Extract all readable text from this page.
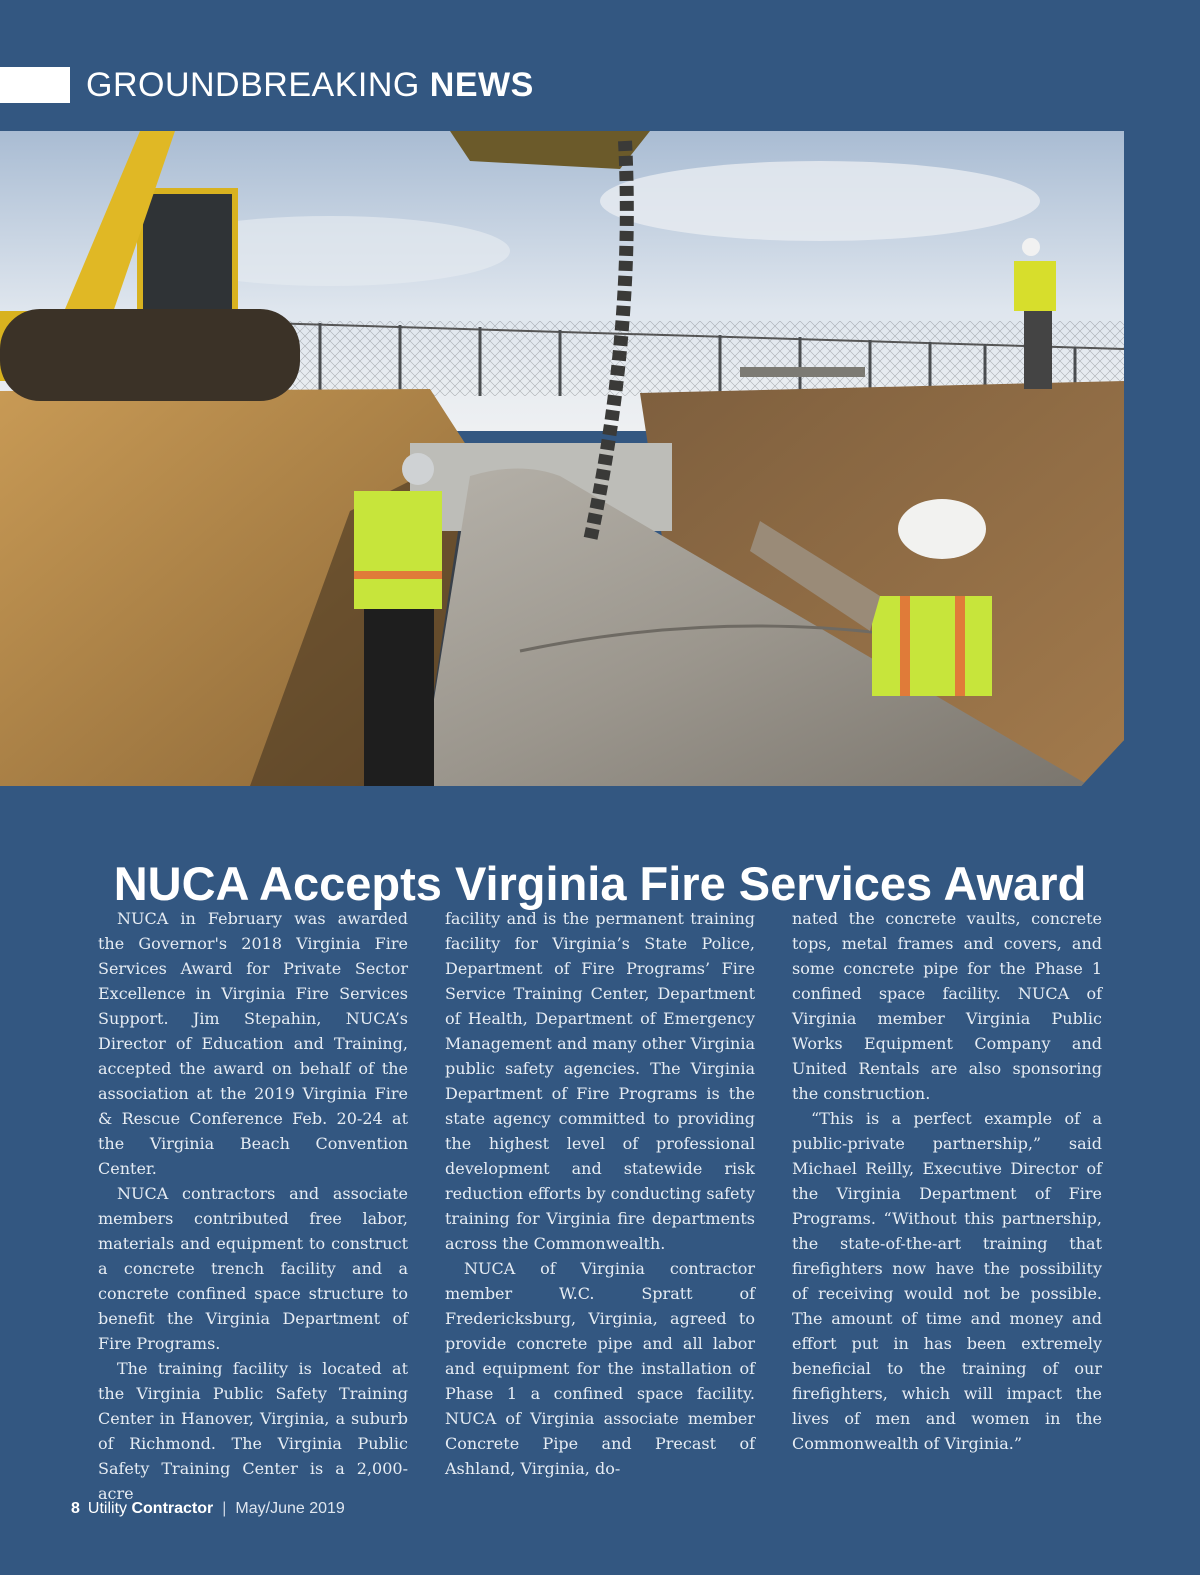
GROUNDBREAKING NEWS
NUCA Accepts Virginia Fire Services Award

NUCA in February was awarded the Governor's 2018 Virginia Fire Services Award for Private Sector Excellence in Virginia Fire Services Support. Jim Stepahin, NUCA’s Director of Education and Training, accepted the award on behalf of the association at the 2019 Virginia Fire & Rescue Conference Feb. 20-24 at the Virginia Beach Convention Center.

NUCA contractors and associate members contributed free labor, materials and equipment to construct a concrete trench facility and a concrete confined space structure to benefit the Virginia Department of Fire Programs.

The training facility is located at the Virginia Public Safety Training Center in Hanover, Virginia, a suburb of Richmond. The Virginia Public Safety Training Center is a 2,000-acre

facility and is the permanent training facility for Virginia’s State Police, Department of Fire Programs’ Fire Service Training Center, Department of Health, Department of Emergency Management and many other Virginia public safety agencies. The Virginia Department of Fire Programs is the state agency committed to providing the highest level of professional development and statewide risk reduction efforts by conducting safety training for Virginia fire departments across the Commonwealth.

NUCA of Virginia contractor member W.C. Spratt of Fredericksburg, Virginia, agreed to provide concrete pipe and all labor and equipment for the installation of Phase 1 a confined space facility. NUCA of Virginia associate member Concrete Pipe and Precast of Ashland, Virginia, do-

nated the concrete vaults, concrete tops, metal frames and covers, and some concrete pipe for the Phase 1 confined space facility. NUCA of Virginia member Virginia Public Works Equipment Company and United Rentals are also sponsoring the construction.

“This is a perfect example of a public-private partnership,” said Michael Reilly, Executive Director of the Virginia Department of Fire Programs. “Without this partnership, the state-of-the-art training that firefighters now have the possibility of receiving would not be possible. The amount of time and money and effort put in has been extremely beneficial to the training of our firefighters, which will impact the lives of men and women in the Commonwealth of Virginia.”

8 Utility Contractor | May/June 2019
